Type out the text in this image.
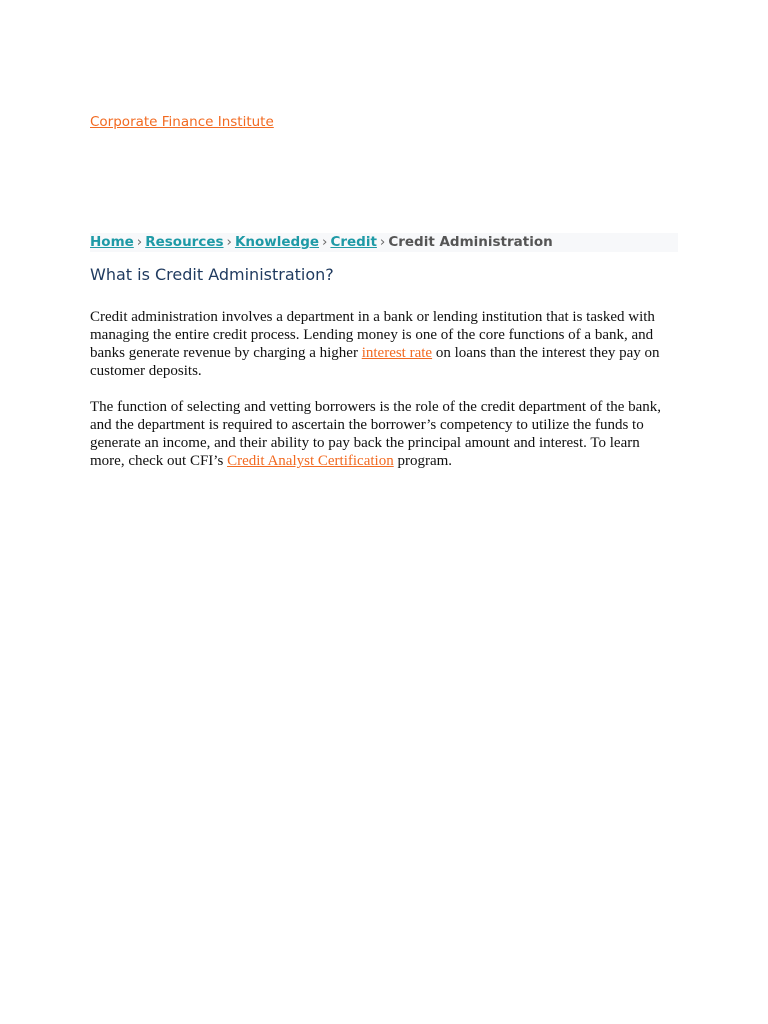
Corporate Finance Institute
Home › Resources › Knowledge › Credit › Credit Administration
What is Credit Administration?

Credit administration involves a department in a bank or lending institution that is tasked with managing the entire credit process. Lending money is one of the core functions of a bank, and banks generate revenue by charging a higher interest rate on loans than the interest they pay on customer deposits.

The function of selecting and vetting borrowers is the role of the credit department of the bank, and the department is required to ascertain the borrower’s competency to utilize the funds to generate an income, and their ability to pay back the principal amount and interest. To learn more, check out CFI’s Credit Analyst Certification program.
